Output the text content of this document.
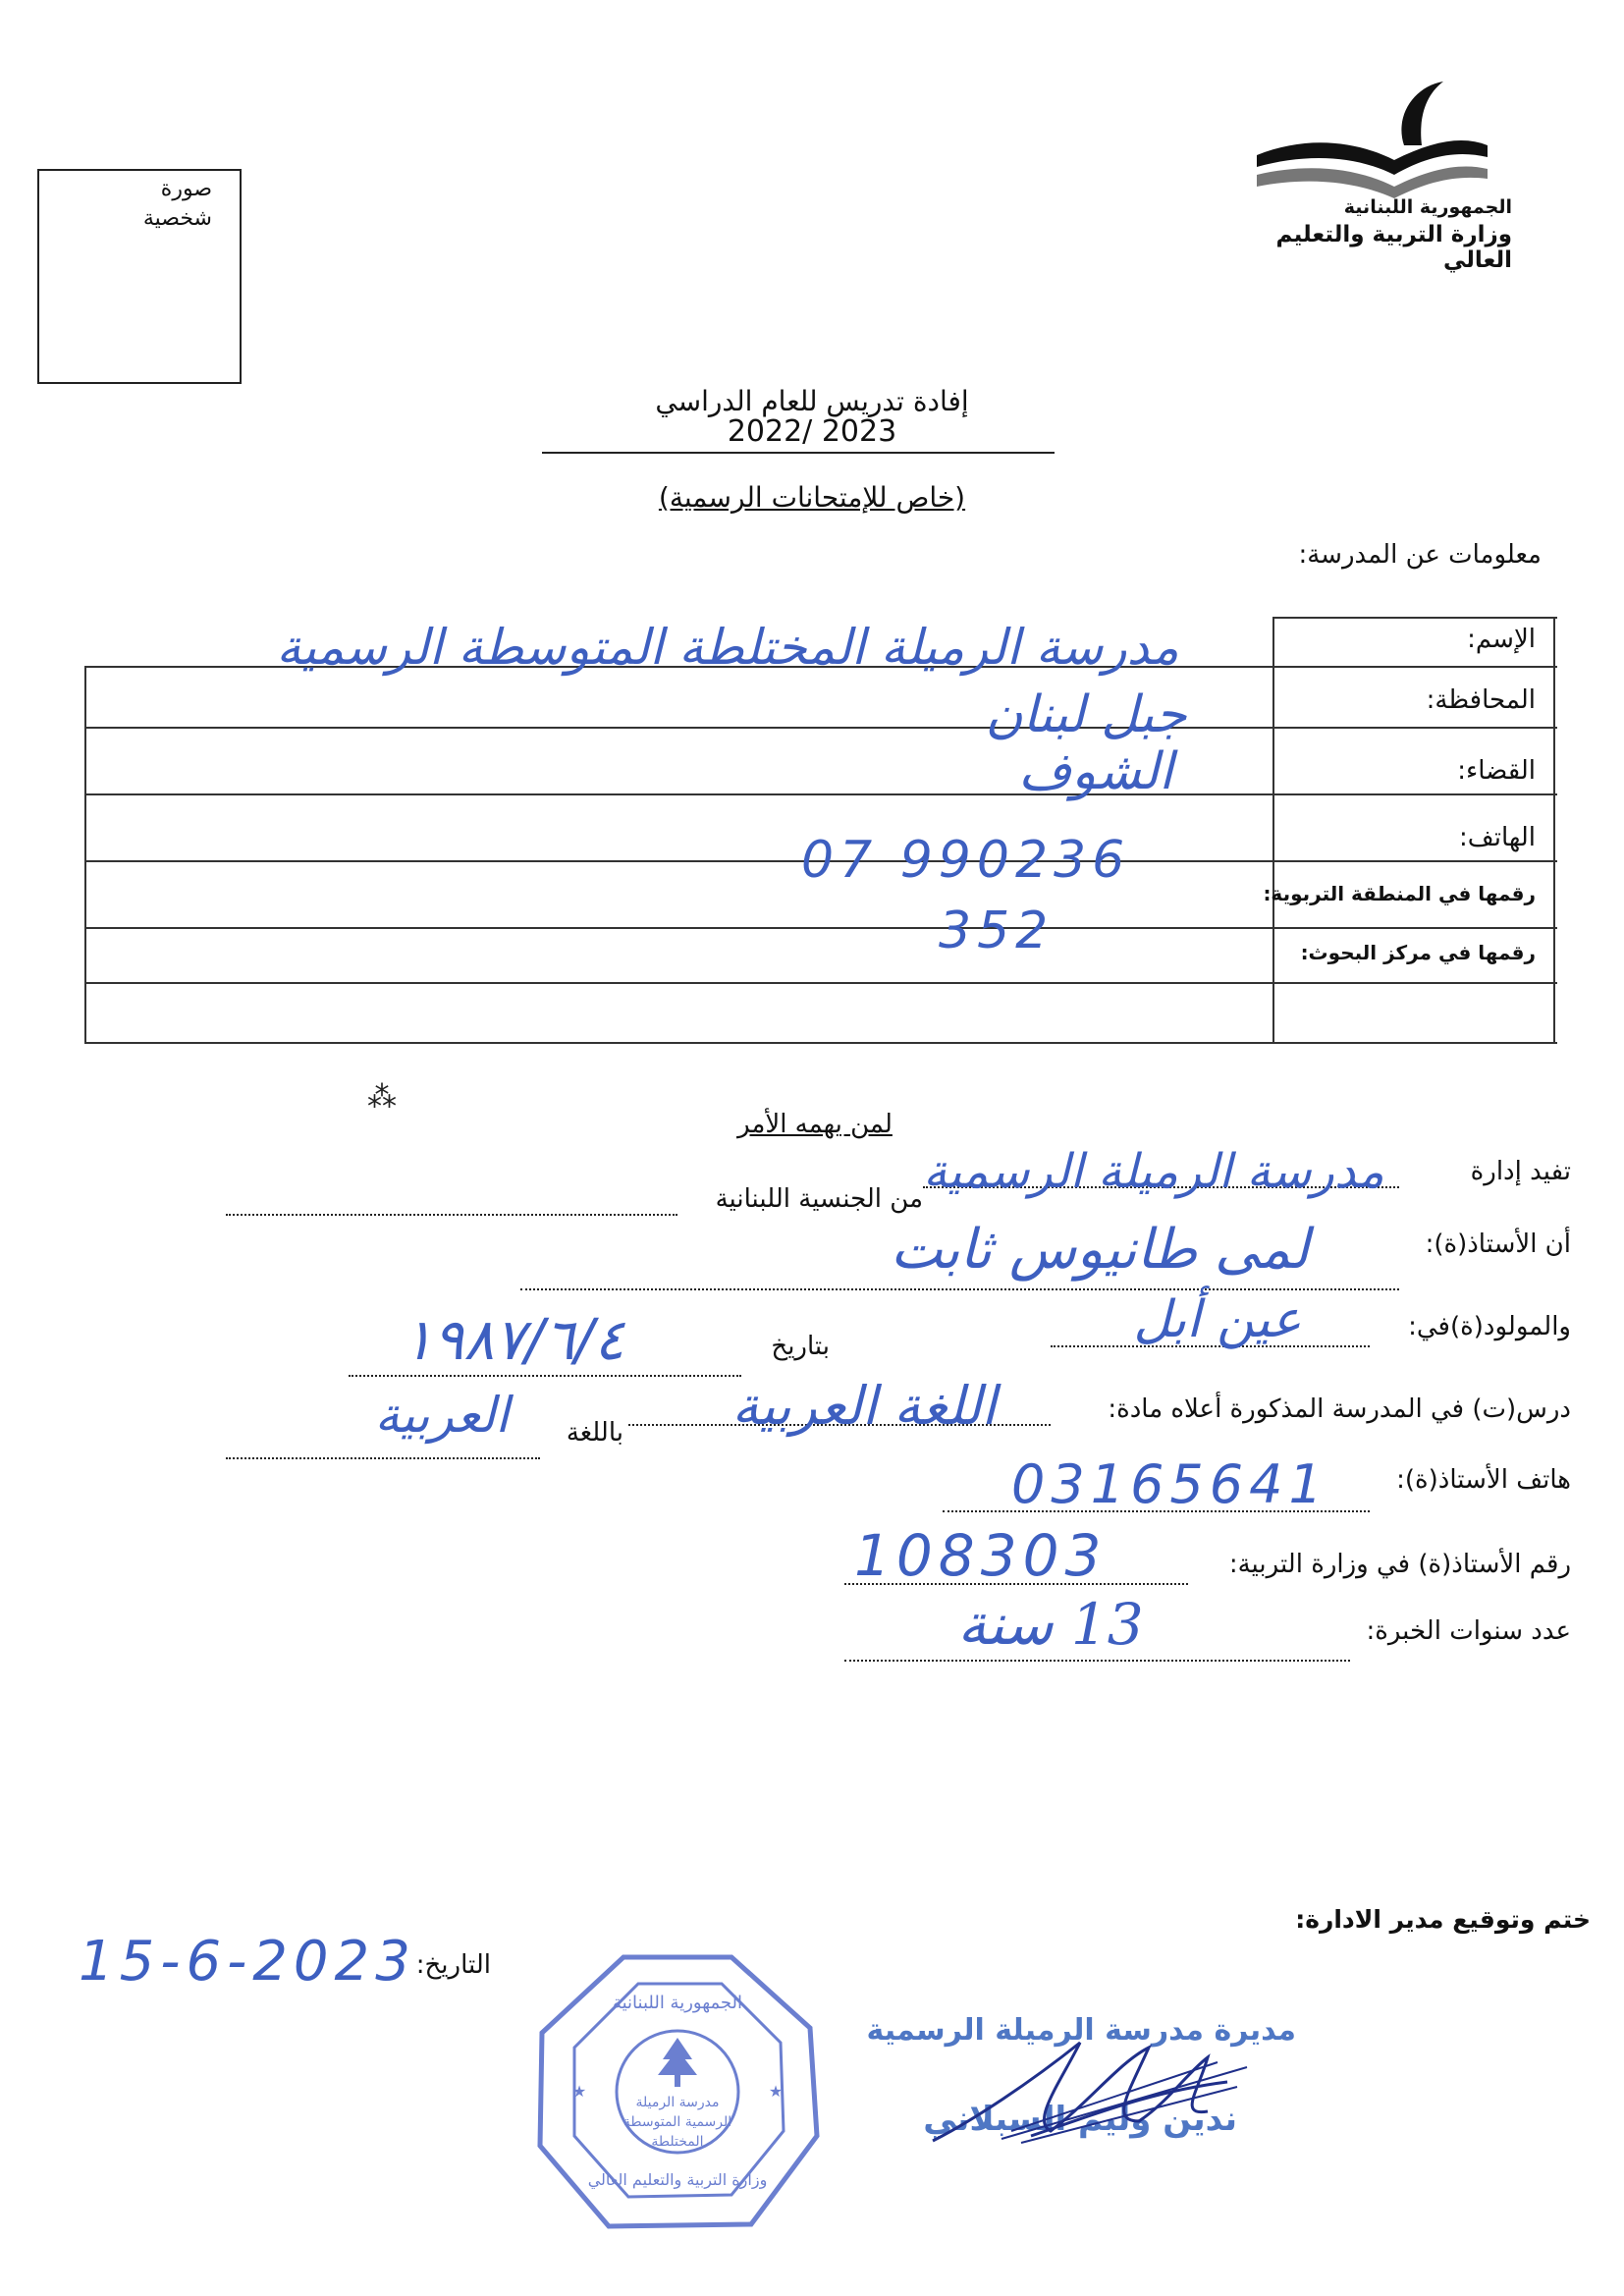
صورة
شخصية	الجمهورية اللبنانية
وزارة التربية والتعليم العالي
إفادة تدريس للعام الدراسي
2022/ 2023
(خاص للإمتحانات الرسمية)
معلومات عن المدرسة:
الإسم:
المحافظة:
القضاء:
الهاتف:
رقمها في المنطقة التربوية:
رقمها في مركز البحوث:
مدرسة الرميلة المختلطة المتوسطة الرسمية
جبل لبنان
الشوف
07 990236
352
⁂
لمن يهمه الأمر
تفيد إدارة
مدرسة الرميلة الرسمية
من الجنسية اللبنانية
أن الأستاذ(ة):
لمى طانيوس ثابت
والمولود(ة)في:
عين أبل
بتاريخ
١٩٨٧/٦/٤
درس(ت) في المدرسة المذكورة أعلاه مادة:
اللغة العربية
باللغة
العربية
هاتف الأستاذ(ة):
03165641
رقم الأستاذ(ة) في وزارة التربية:
108303
عدد سنوات الخبرة:
13 سنة
ختم وتوقيع مدير الادارة:
التاريخ:
15-6-2023
مدرسة الرميلة
الرسمية المتوسطة
المختلطة
وزارة التربية والتعليم العالي
الجمهورية اللبنانية
★	★
مديرة مدرسة الرميلة الرسمية
ندين وليم السبلاني
